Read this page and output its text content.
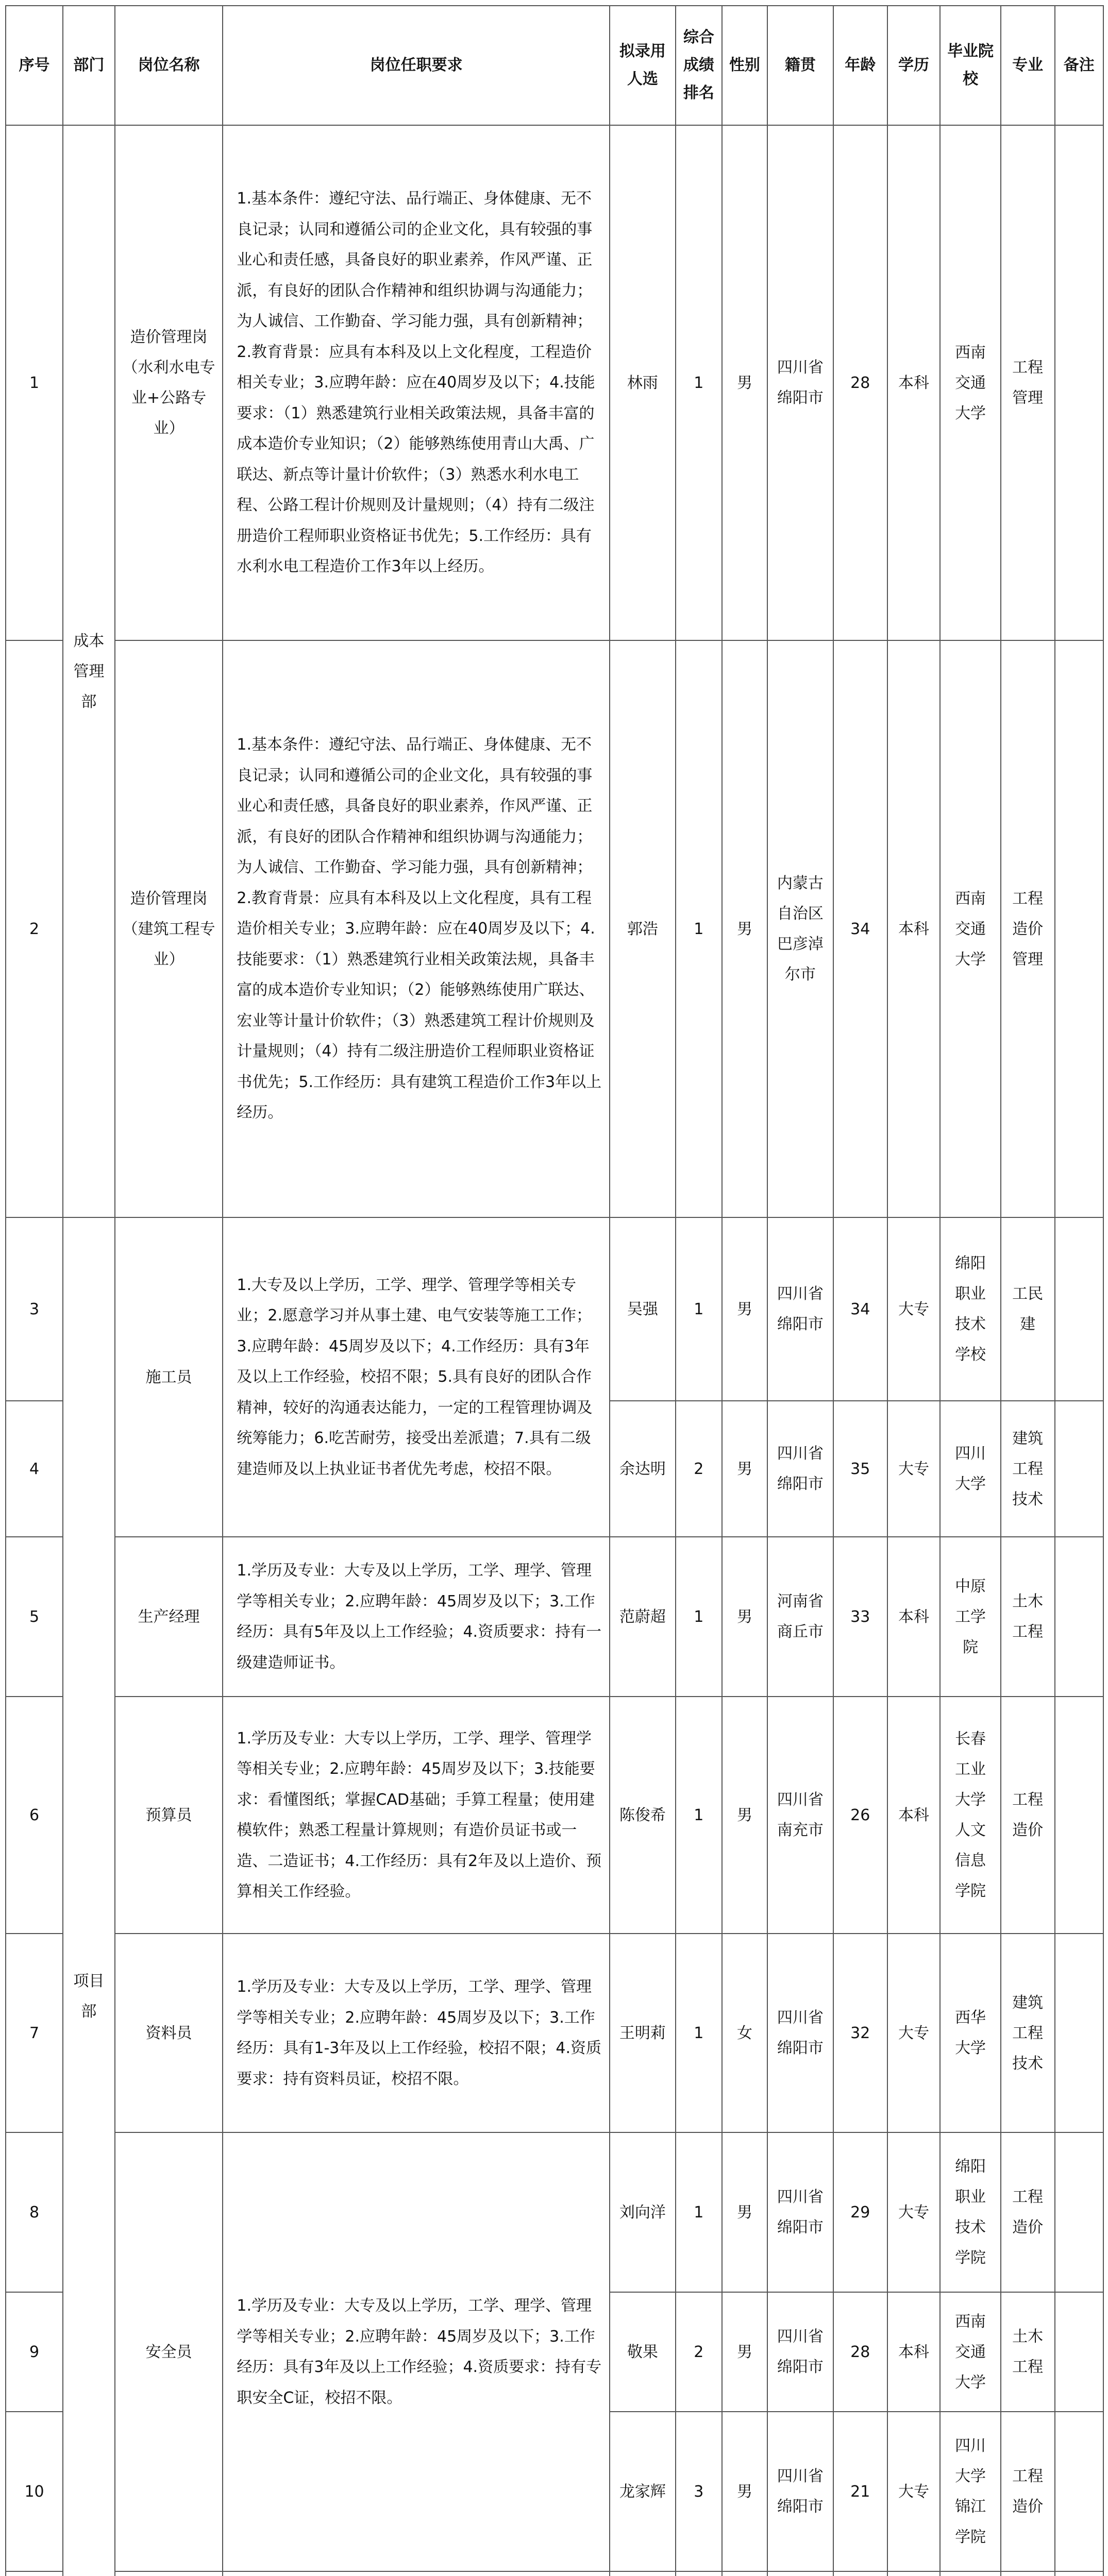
序号	部门	岗位名称	岗位任职要求	拟录用人选	综合成绩排名	性别	籍贯	年龄	学历	毕业院校	专业	备注
1	成本管理部	造价管理岗（水利水电专业+公路专业）	1.基本条件：遵纪守法、品行端正、身体健康、无不良记录；认同和遵循公司的企业文化，具有较强的事业心和责任感，具备良好的职业素养，作风严谨、正派，有良好的团队合作精神和组织协调与沟通能力；为人诚信、工作勤奋、学习能力强，具有创新精神；2.教育背景：应具有本科及以上文化程度，工程造价相关专业；3.应聘年龄：应在40周岁及以下；4.技能要求：（1）熟悉建筑行业相关政策法规，具备丰富的成本造价专业知识；（2）能够熟练使用青山大禹、广联达、新点等计量计价软件；（3）熟悉水利水电工程、公路工程计价规则及计量规则；（4）持有二级注册造价工程师职业资格证书优先；5.工作经历：具有水利水电工程造价工作3年以上经历。	林雨	1	男	四川省绵阳市	28	本科	西南交通大学	工程管理	
2		造价管理岗（建筑工程专业）	1.基本条件：遵纪守法、品行端正、身体健康、无不良记录；认同和遵循公司的企业文化，具有较强的事业心和责任感，具备良好的职业素养，作风严谨、正派，有良好的团队合作精神和组织协调与沟通能力；为人诚信、工作勤奋、学习能力强，具有创新精神；2.教育背景：应具有本科及以上文化程度，具有工程造价相关专业；3.应聘年龄：应在40周岁及以下；4.技能要求：（1）熟悉建筑行业相关政策法规，具备丰富的成本造价专业知识；（2）能够熟练使用广联达、宏业等计量计价软件；（3）熟悉建筑工程计价规则及计量规则；（4）持有二级注册造价工程师职业资格证书优先；5.工作经历：具有建筑工程造价工作3年以上经历。	郭浩	1	男	内蒙古自治区巴彦淖尔市	34	本科	西南交通大学	工程造价管理	
3	项目部	施工员	1.大专及以上学历，工学、理学、管理学等相关专业；2.愿意学习并从事土建、电气安装等施工工作；3.应聘年龄：45周岁及以下；4.工作经历：具有3年及以上工作经验，校招不限；5.具有良好的团队合作精神，较好的沟通表达能力，一定的工程管理协调及统筹能力；6.吃苦耐劳，接受出差派遣；7.具有二级建造师及以上执业证书者优先考虑，校招不限。	吴强	1	男	四川省绵阳市	34	大专	绵阳职业技术学校	工民建	
4				余达明	2	男	四川省绵阳市	35	大专	四川大学	建筑工程技术	
5		生产经理	1.学历及专业：大专及以上学历，工学、理学、管理学等相关专业；2.应聘年龄：45周岁及以下；3.工作经历：具有5年及以上工作经验；4.资质要求：持有一级建造师证书。	范蔚超	1	男	河南省商丘市	33	本科	中原工学院	土木工程	
6		预算员	1.学历及专业：大专以上学历，工学、理学、管理学等相关专业；2.应聘年龄：45周岁及以下；3.技能要求：看懂图纸；掌握CAD基础；手算工程量；使用建模软件；熟悉工程量计算规则；有造价员证书或一造、二造证书；4.工作经历：具有2年及以上造价、预算相关工作经验。	陈俊希	1	男	四川省南充市	26	本科	长春工业大学人文信息学院	工程造价	
7		资料员	1.学历及专业：大专及以上学历，工学、理学、管理学等相关专业；2.应聘年龄：45周岁及以下；3.工作经历：具有1-3年及以上工作经验，校招不限；4.资质要求：持有资料员证，校招不限。	王明莉	1	女	四川省绵阳市	32	大专	西华大学	建筑工程技术	
8		安全员	1.学历及专业：大专及以上学历，工学、理学、管理学等相关专业；2.应聘年龄：45周岁及以下；3.工作经历：具有3年及以上工作经验；4.资质要求：持有专职安全C证，校招不限。	刘向洋	1	男	四川省绵阳市	29	大专	绵阳职业技术学院	工程造价	
9				敬果	2	男	四川省绵阳市	28	本科	西南交通大学	土木工程	
10				龙家辉	3	男	四川省绵阳市	21	大专	四川大学锦江学院	工程造价	
